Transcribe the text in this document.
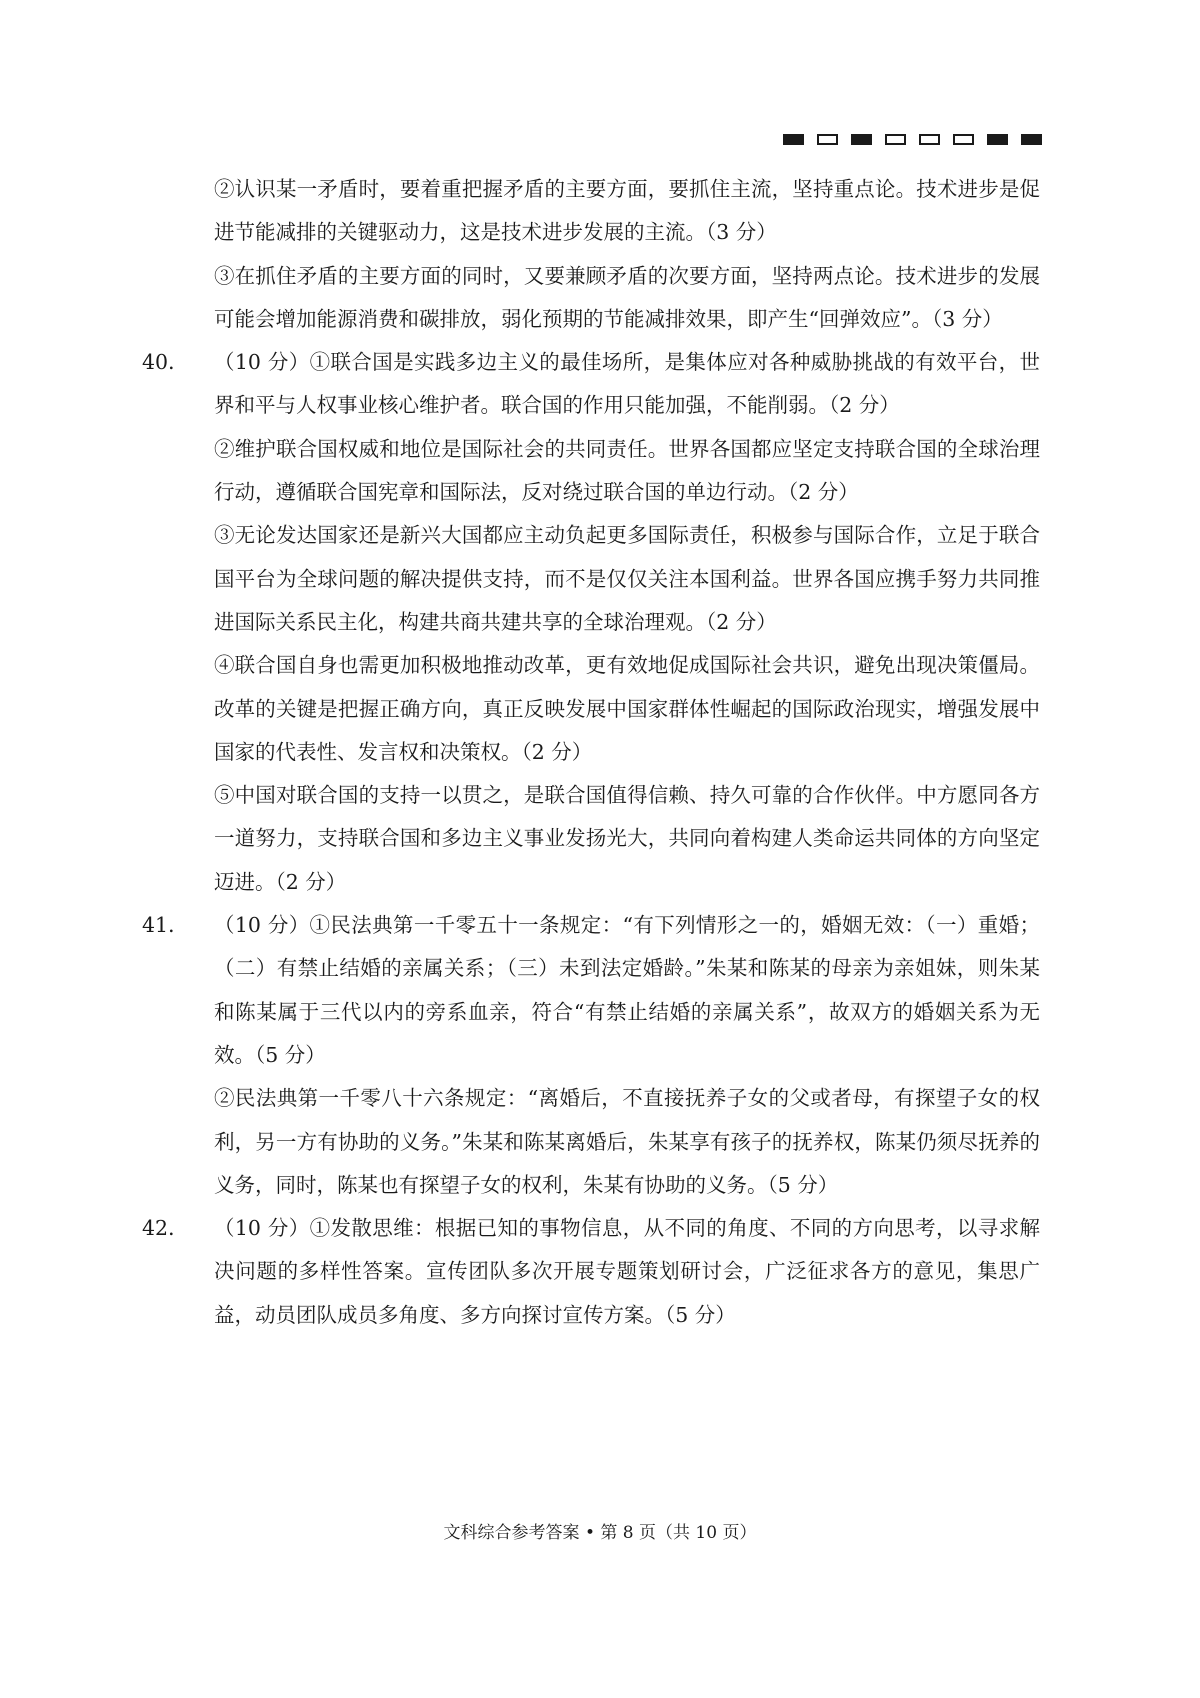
②认识某一矛盾时，要着重把握矛盾的主要方面，要抓住主流，坚持重点论。技术进步是促进节能减排的关键驱动力，这是技术进步发展的主流。（3 分）

③在抓住矛盾的主要方面的同时，又要兼顾矛盾的次要方面，坚持两点论。技术进步的发展可能会增加能源消费和碳排放，弱化预期的节能减排效果，即产生“回弹效应”。（3 分）

40．	（10 分）①联合国是实践多边主义的最佳场所，是集体应对各种威胁挑战的有效平台，世界和平与人权事业核心维护者。联合国的作用只能加强，不能削弱。（2 分）

②维护联合国权威和地位是国际社会的共同责任。世界各国都应坚定支持联合国的全球治理行动，遵循联合国宪章和国际法，反对绕过联合国的单边行动。（2 分）

③无论发达国家还是新兴大国都应主动负起更多国际责任，积极参与国际合作，立足于联合国平台为全球问题的解决提供支持，而不是仅仅关注本国利益。世界各国应携手努力共同推进国际关系民主化，构建共商共建共享的全球治理观。（2 分）

④联合国自身也需更加积极地推动改革，更有效地促成国际社会共识，避免出现决策僵局。改革的关键是把握正确方向，真正反映发展中国家群体性崛起的国际政治现实，增强发展中国家的代表性、发言权和决策权。（2 分）

⑤中国对联合国的支持一以贯之，是联合国值得信赖、持久可靠的合作伙伴。中方愿同各方一道努力，支持联合国和多边主义事业发扬光大，共同向着构建人类命运共同体的方向坚定迈进。（2 分）

41．	（10 分）①民法典第一千零五十一条规定：“有下列情形之一的，婚姻无效：（一）重婚；（二）有禁止结婚的亲属关系；（三）未到法定婚龄。”朱某和陈某的母亲为亲姐妹，则朱某和陈某属于三代以内的旁系血亲，符合“有禁止结婚的亲属关系”，故双方的婚姻关系为无效。（5 分）

②民法典第一千零八十六条规定：“离婚后，不直接抚养子女的父或者母，有探望子女的权利，另一方有协助的义务。”朱某和陈某离婚后，朱某享有孩子的抚养权，陈某仍须尽抚养的义务，同时，陈某也有探望子女的权利，朱某有协助的义务。（5 分）

42．	（10 分）①发散思维：根据已知的事物信息，从不同的角度、不同的方向思考，以寻求解决问题的多样性答案。宣传团队多次开展专题策划研讨会，广泛征求各方的意见，集思广益，动员团队成员多角度、多方向探讨宣传方案。（5 分）

文科综合参考答案 • 第 8 页（共 10 页）
